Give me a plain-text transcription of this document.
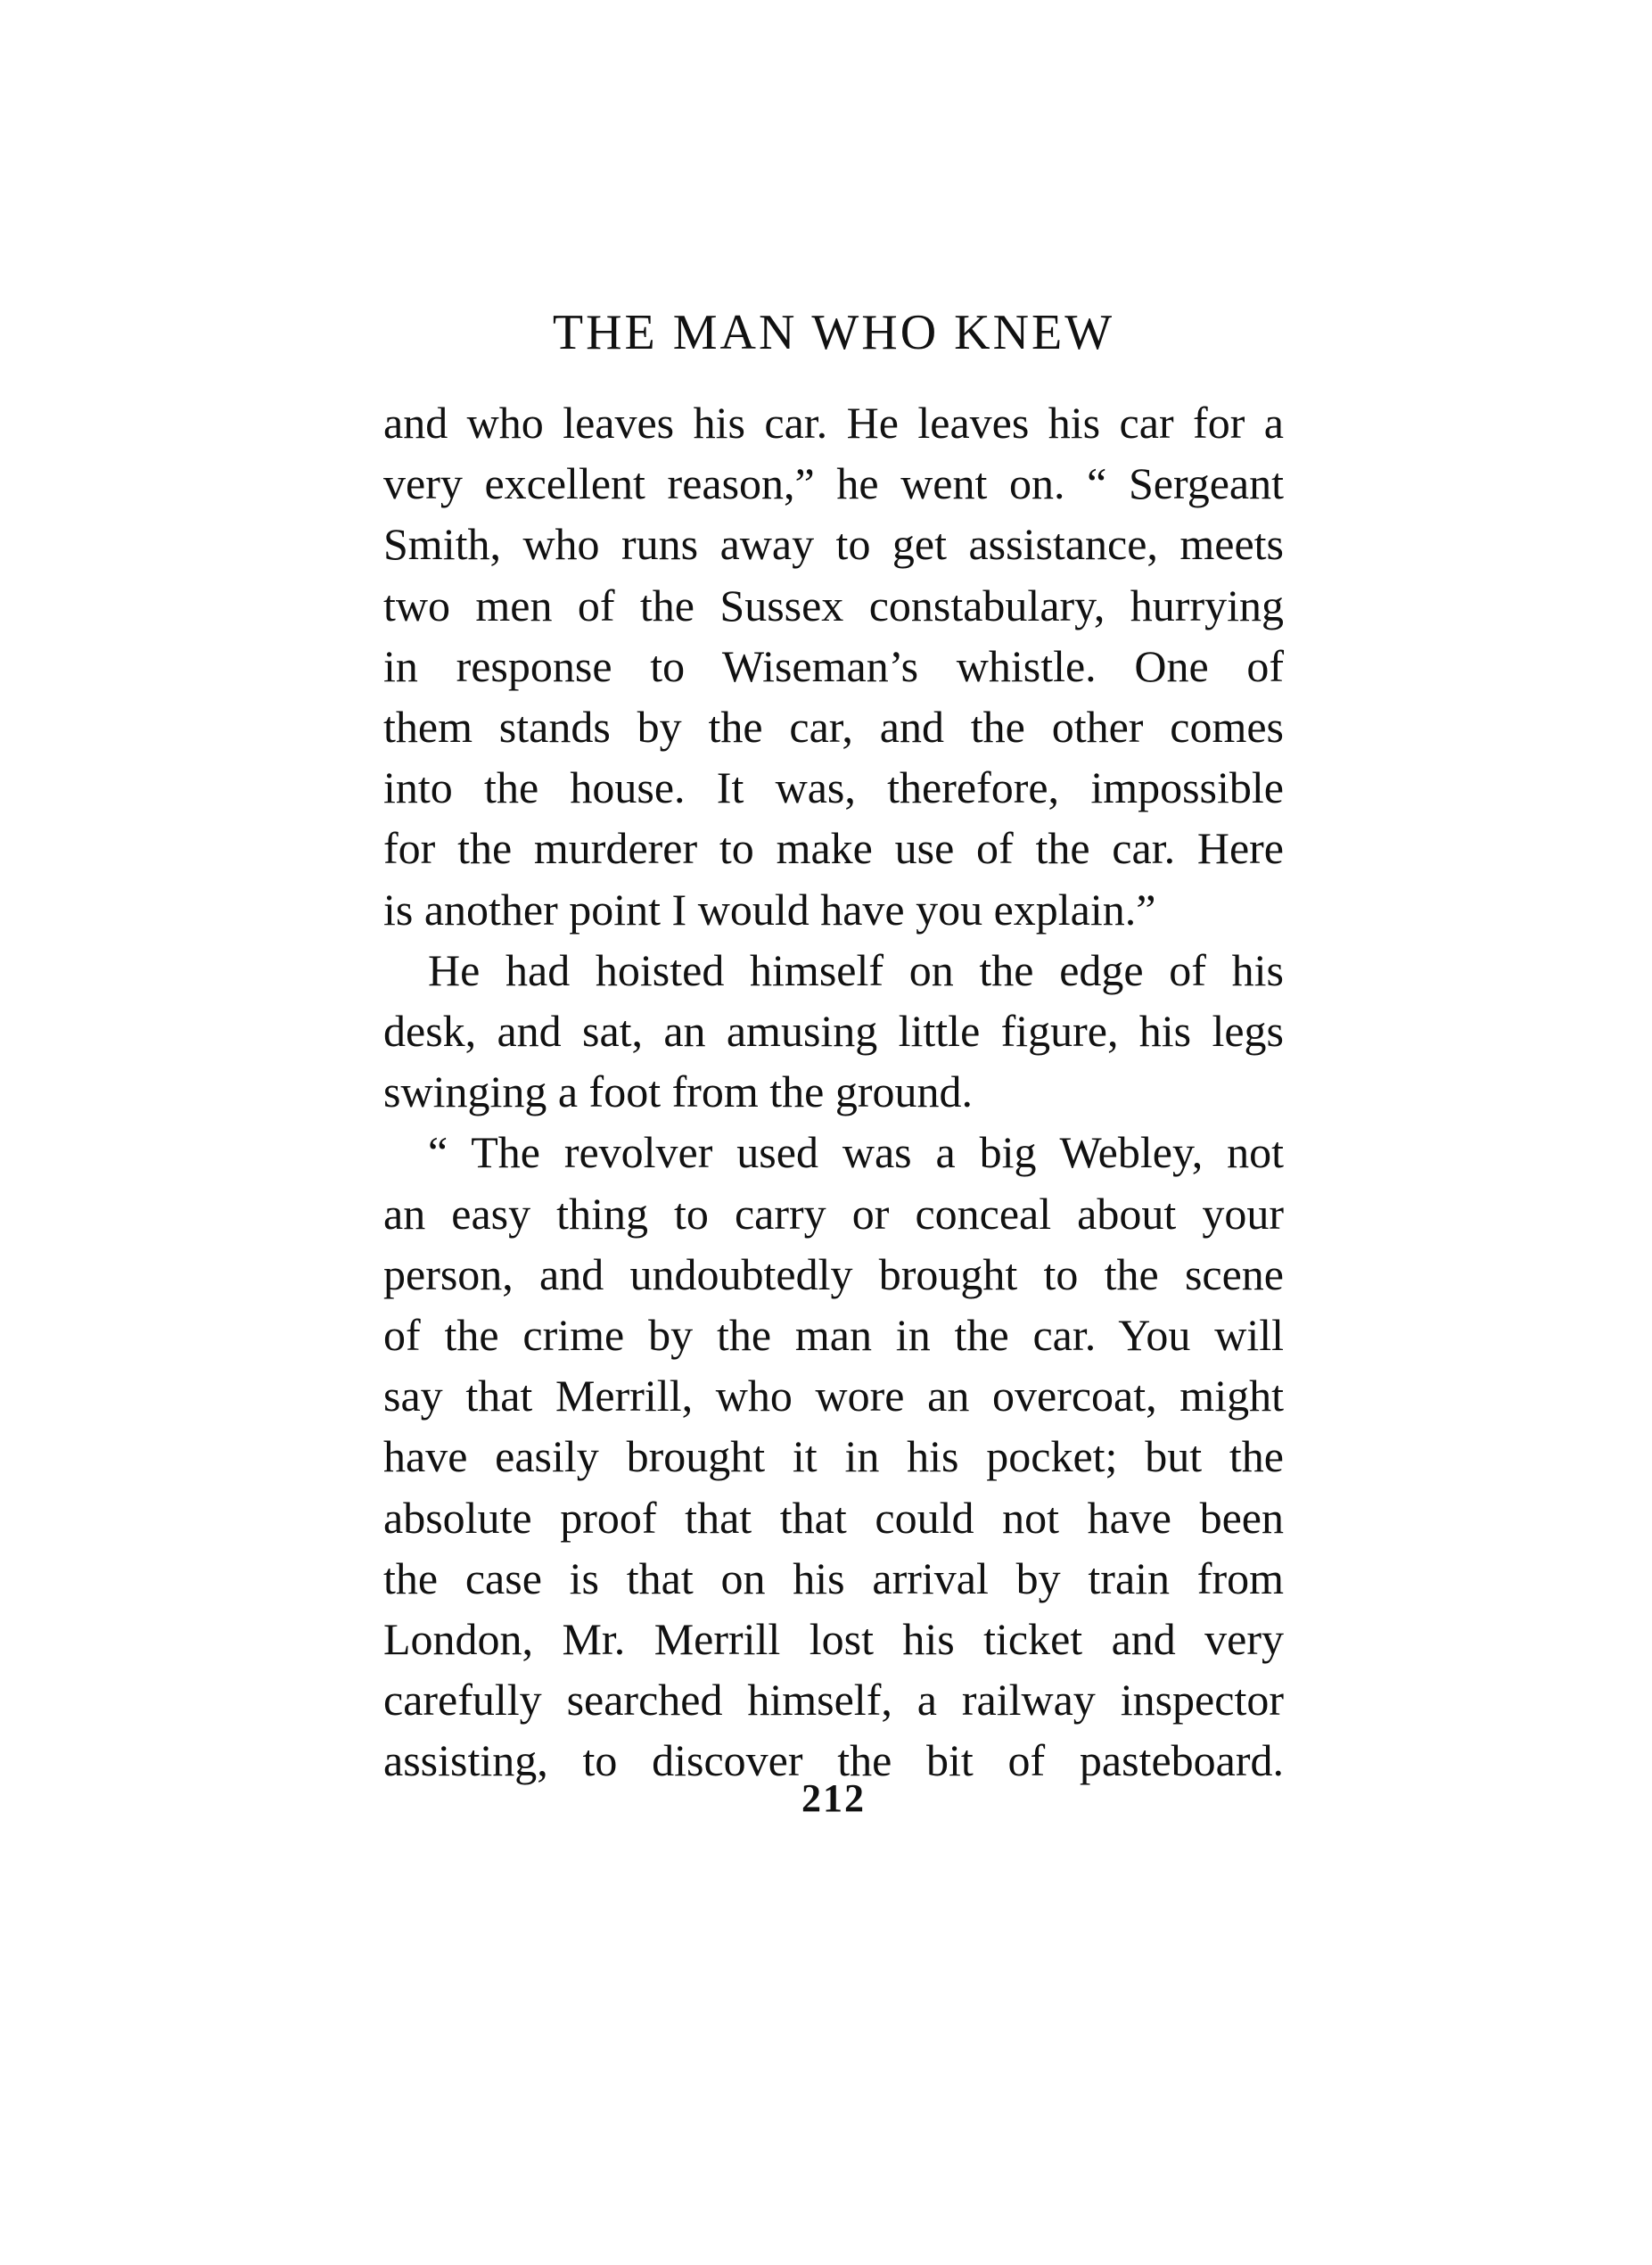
THE MAN WHO KNEW

and who leaves his car. He leaves his car for a
very excellent reason,” he went on. “ Sergeant
Smith, who runs away to get assistance, meets
two men of the Sussex constabulary, hurrying
in response to Wiseman’s whistle. One of
them stands by the car, and the other comes
into the house. It was, therefore, impossible
for the murderer to make use of the car. Here
is another point I would have you explain.”

He had hoisted himself on the edge of his
desk, and sat, an amusing little figure, his legs
swinging a foot from the ground.

“ The revolver used was a big Webley, not
an easy thing to carry or conceal about your
person, and undoubtedly brought to the scene
of the crime by the man in the car. You will
say that Merrill, who wore an overcoat, might
have easily brought it in his pocket; but the
absolute proof that that could not have been
the case is that on his arrival by train from
London, Mr. Merrill lost his ticket and very
carefully searched himself, a railway inspector
assisting, to discover the bit of pasteboard.

212
